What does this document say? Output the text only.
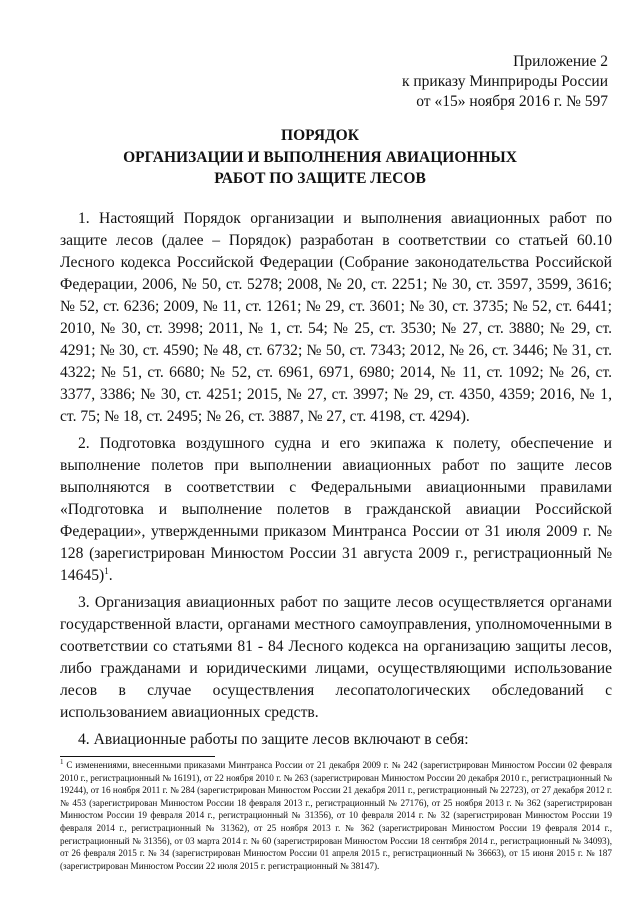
Приложение 2
к приказу Минприроды России
от «15» ноября 2016 г. № 597
ПОРЯДОК
ОРГАНИЗАЦИИ И ВЫПОЛНЕНИЯ АВИАЦИОННЫХ
РАБОТ ПО ЗАЩИТЕ ЛЕСОВ

1. Настоящий Порядок организации и выполнения авиационных работ по защите лесов (далее – Порядок) разработан в соответствии со статьей 60.10 Лесного кодекса Российской Федерации (Собрание законодательства Российской Федерации, 2006, № 50, ст. 5278; 2008, № 20, ст. 2251; № 30, ст. 3597, 3599, 3616; № 52, ст. 6236; 2009, № 11, ст. 1261; № 29, ст. 3601; № 30, ст. 3735; № 52, ст. 6441; 2010, № 30, ст. 3998; 2011, № 1, ст. 54; № 25, ст. 3530; № 27, ст. 3880; № 29, ст. 4291; № 30, ст. 4590; № 48, ст. 6732; № 50, ст. 7343; 2012, № 26, ст. 3446; № 31, ст. 4322; № 51, ст. 6680; № 52, ст. 6961, 6971, 6980; 2014, № 11, ст. 1092; № 26, ст. 3377, 3386; № 30, ст. 4251; 2015, № 27, ст. 3997; № 29, ст. 4350, 4359; 2016, № 1, ст. 75; № 18, ст. 2495; № 26, ст. 3887, № 27, ст. 4198, ст. 4294).

2. Подготовка воздушного судна и его экипажа к полету, обеспечение и выполнение полетов при выполнении авиационных работ по защите лесов выполняются в соответствии с Федеральными авиационными правилами «Подготовка и выполнение полетов в гражданской авиации Российской Федерации», утвержденными приказом Минтранса России от 31 июля 2009 г. № 128 (зарегистрирован Минюстом России 31 августа 2009 г., регистрационный № 14645)$^1$.

3. Организация авиационных работ по защите лесов осуществляется органами государственной власти, органами местного самоуправления, уполномоченными в соответствии со статьями 81 - 84 Лесного кодекса на организацию защиты лесов, либо гражданами и юридическими лицами, осуществляющими использование лесов в случае осуществления лесопатологических обследований с использованием авиационных средств.

4. Авиационные работы по защите лесов включают в себя:

$^1$ С изменениями, внесенными приказами Минтранса России от 21 декабря 2009 г. № 242 (зарегистрирован Минюстом России 02 февраля 2010 г., регистрационный № 16191), от 22 ноября 2010 г. № 263 (зарегистрирован Минюстом России 20 декабря 2010 г., регистрационный № 19244), от 16 ноября 2011 г. № 284 (зарегистрирован Минюстом России 21 декабря 2011 г., регистрационный № 22723), от 27 декабря 2012 г. № 453 (зарегистрирован Минюстом России 18 февраля 2013 г., регистрационный № 27176), от 25 ноября 2013 г. № 362 (зарегистрирован Минюстом России 19 февраля 2014 г., регистрационный № 31356), от 10 февраля 2014 г. № 32 (зарегистрирован Минюстом России 19 февраля 2014 г., регистрационный № 31362), от 25 ноября 2013 г. № 362 (зарегистрирован Минюстом России 19 февраля 2014 г., регистрационный № 31356), от 03 марта 2014 г. № 60 (зарегистрирован Минюстом России 18 сентября 2014 г., регистрационный № 34093), от 26 февраля 2015 г. № 34 (зарегистрирован Минюстом России 01 апреля 2015 г., регистрационный № 36663), от 15 июня 2015 г. № 187 (зарегистрирован Минюстом России 22 июля 2015 г. регистрационный № 38147).
